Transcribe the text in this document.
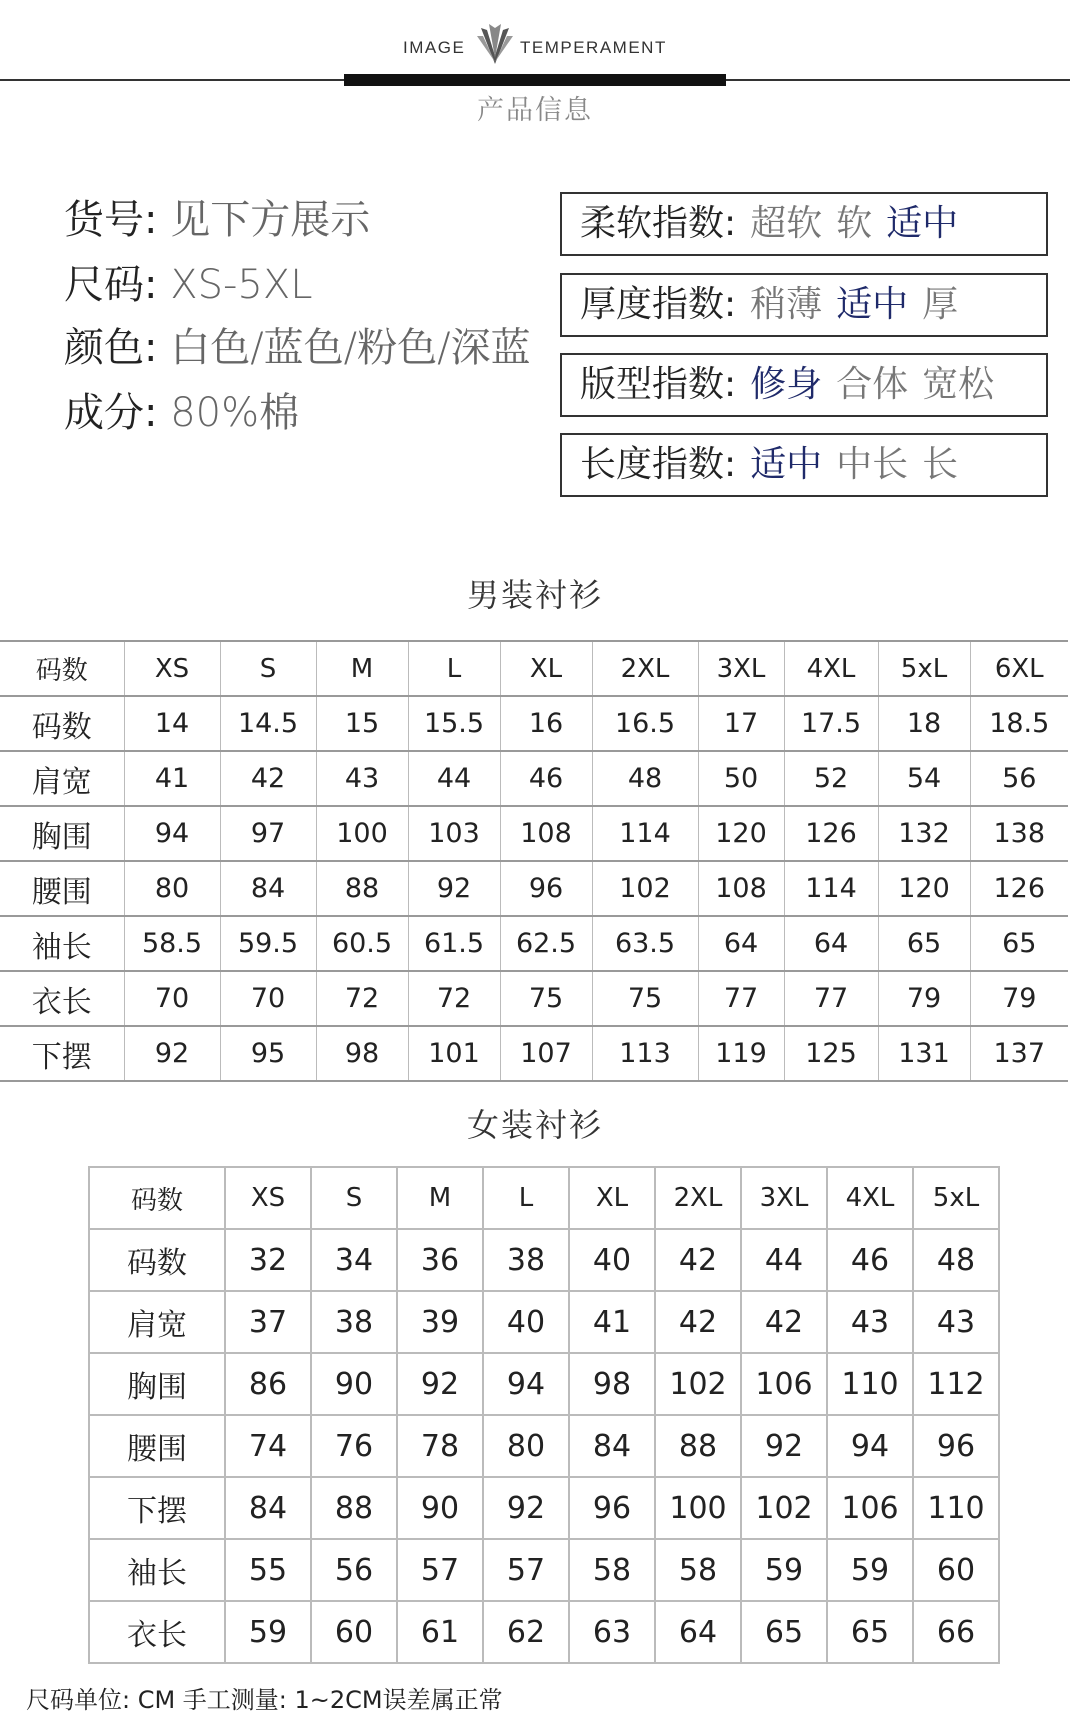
IMAGE	TEMPERAMENT
产品信息
货号: 见下方展示
尺码: XS-5XL
颜色: 白色/蓝色/粉色/深蓝
成分: 80%棉
柔软指数: 超软 软 适中
厚度指数: 稍薄 适中 厚
版型指数: 修身 合体 宽松
长度指数: 适中 中长 长
男装衬衫
码数	XS	S	M	L	XL	2XL	3XL	4XL	5xL	6XL
码数	14	14.5	15	15.5	16	16.5	17	17.5	18	18.5
肩宽	41	42	43	44	46	48	50	52	54	56
胸围	94	97	100	103	108	114	120	126	132	138
腰围	80	84	88	92	96	102	108	114	120	126
袖长	58.5	59.5	60.5	61.5	62.5	63.5	64	64	65	65
衣长	70	70	72	72	75	75	77	77	79	79
下摆	92	95	98	101	107	113	119	125	131	137
女装衬衫
码数	XS	S	M	L	XL	2XL	3XL	4XL	5xL
码数	32	34	36	38	40	42	44	46	48
肩宽	37	38	39	40	41	42	42	43	43
胸围	86	90	92	94	98	102	106	110	112
腰围	74	76	78	80	84	88	92	94	96
下摆	84	88	90	92	96	100	102	106	110
袖长	55	56	57	57	58	58	59	59	60
衣长	59	60	61	62	63	64	65	65	66
尺码单位: CM 手工测量: 1~2CM误差属正常
